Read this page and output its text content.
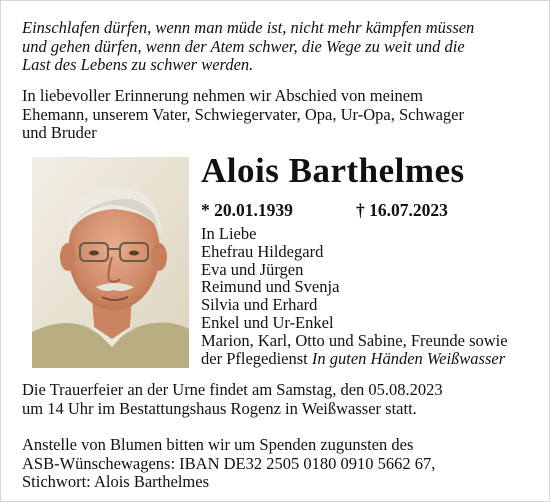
Einschlafen dürfen, wenn man müde ist, nicht mehr kämpfen müssen
und gehen dürfen, wenn der Atem schwer, die Wege zu weit und die
Last des Lebens zu schwer werden.
In liebevoller Erinnerung nehmen wir Abschied von meinem
Ehemann, unserem Vater, Schwiegervater, Opa, Ur-Opa, Schwager
und Bruder
Alois Barthelmes
* 20.01.1939	† 16.07.2023
In Liebe
Ehefrau Hildegard
Eva und Jürgen
Reimund und Svenja
Silvia und Erhard
Enkel und Ur-Enkel
Marion, Karl, Otto und Sabine, Freunde sowie
der Pflegedienst In guten Händen Weißwasser
Die Trauerfeier an der Urne findet am Samstag, den 05.08.2023
um 14 Uhr im Bestattungshaus Rogenz in Weißwasser statt.
Anstelle von Blumen bitten wir um Spenden zugunsten des
ASB-Wünschewagens: IBAN DE32 2505 0180 0910 5662 67,
Stichwort: Alois Barthelmes
